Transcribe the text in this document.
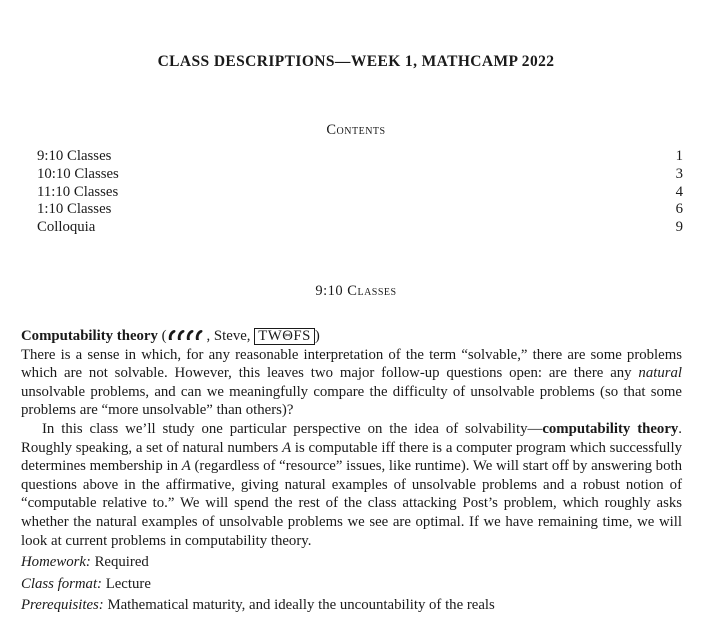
CLASS DESCRIPTIONS—WEEK 1, MATHCAMP 2022
Contents
9:10 Classes	1
10:10 Classes	3
11:10 Classes	4
1:10 Classes	6
Colloquia	9
9:10 Classes

Computability theory (	, Steve, TWΘFS )

There is a sense in which, for any reasonable interpretation of the term “solvable,” there are some problems which are not solvable. However, this leaves two major follow-up questions open: are there any natural unsolvable problems, and can we meaningfully compare the difficulty of unsolvable problems (so that some problems are “more unsolvable” than others)?

In this class we’ll study one particular perspective on the idea of solvability—computability theory. Roughly speaking, a set of natural numbers A is computable iff there is a computer program which successfully determines membership in A (regardless of “resource” issues, like runtime). We will start off by answering both questions above in the affirmative, giving natural examples of unsolvable problems and a robust notion of “computable relative to.” We will spend the rest of the class attacking Post’s problem, which roughly asks whether the natural examples of unsolvable problems we see are optimal. If we have remaining time, we will look at current problems in computability theory.

Homework: Required

Class format: Lecture

Prerequisites: Mathematical maturity, and ideally the uncountability of the reals
